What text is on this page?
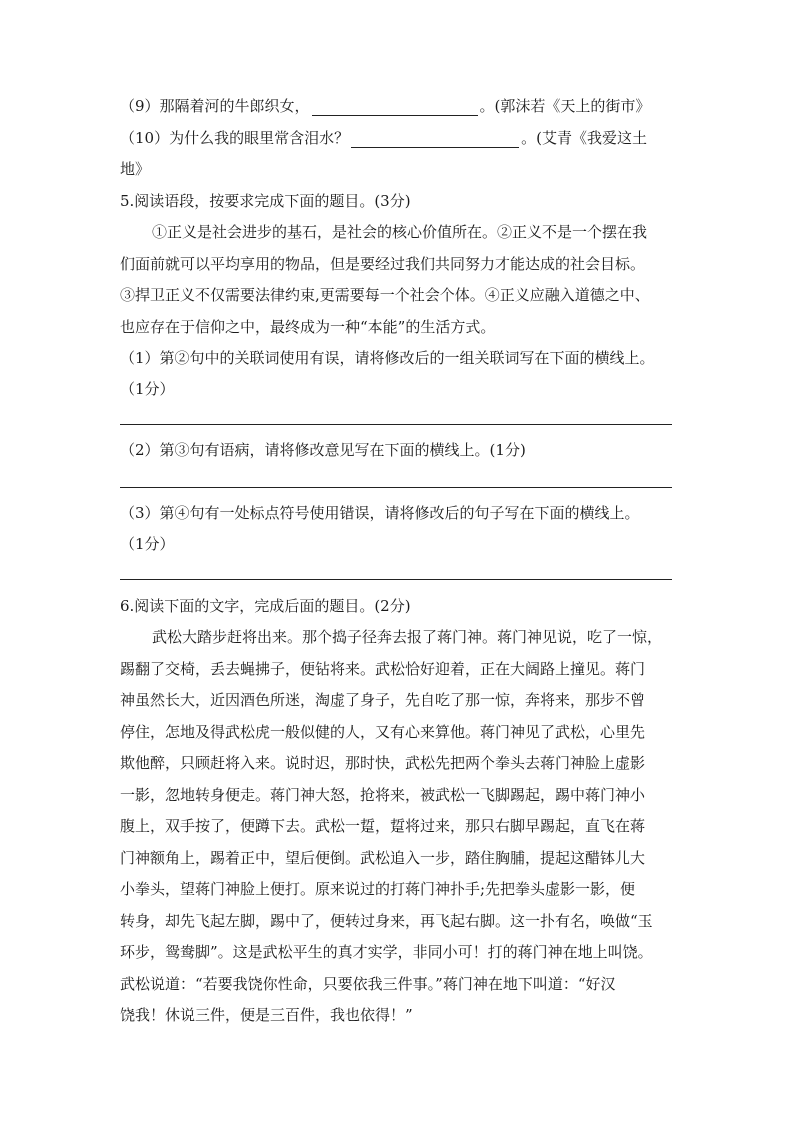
（9）那隔着河的牛郎织女，	。(郭沫若《天上的街市》
（10）为什么我的眼里常含泪水？	。(艾青《我爱这土
地》
5.阅读语段，按要求完成下面的题目。(3分)
①正义是社会进步的基石，是社会的核心价值所在。②正义不是一个摆在我
们面前就可以平均享用的物品，但是要经过我们共同努力才能达成的社会目标。
③捍卫正义不仅需要法律约束,更需要每一个社会个体。④正义应融入道德之中、
也应存在于信仰之中，最终成为一种“本能”的生活方式。
（1）第②句中的关联词使用有误，请将修改后的一组关联词写在下面的横线上。
（1分）
（2）第③句有语病，请将修改意见写在下面的横线上。(1分)
（3）第④句有一处标点符号使用错误，请将修改后的句子写在下面的横线上。
（1分）
6.阅读下面的文字，完成后面的题目。(2分)
武松大踏步赶将出来。那个捣子径奔去报了蒋门神。蒋门神见说，吃了一惊，
踢翻了交椅，丢去蝇拂子，便钻将来。武松恰好迎着，正在大阔路上撞见。蒋门
神虽然长大，近因酒色所迷，淘虚了身子，先自吃了那一惊，奔将来，那步不曾
停住，怎地及得武松虎一般似健的人，又有心来算他。蒋门神见了武松，心里先
欺他醉，只顾赶将入来。说时迟，那时快，武松先把两个拳头去蒋门神脸上虚影
一影，忽地转身便走。蒋门神大怒，抢将来，被武松一飞脚踢起，踢中蒋门神小
腹上，双手按了，便蹲下去。武松一踅，踅将过来，那只右脚早踢起，直飞在蒋
门神额角上，踢着正中，望后便倒。武松追入一步，踏住胸脯，提起这醋钵儿大
小拳头，望蒋门神脸上便打。原来说过的打蒋门神扑手;先把拳头虚影一影，便
转身，却先飞起左脚，踢中了，便转过身来，再飞起右脚。这一扑有名，唤做“玉
环步，鸳鸯脚”。这是武松平生的真才实学，非同小可！打的蒋门神在地上叫饶。
武松说道：“若要我饶你性命，只要依我三件事。”蒋门神在地下叫道：“好汉
饶我！休说三件，便是三百件，我也依得！”
